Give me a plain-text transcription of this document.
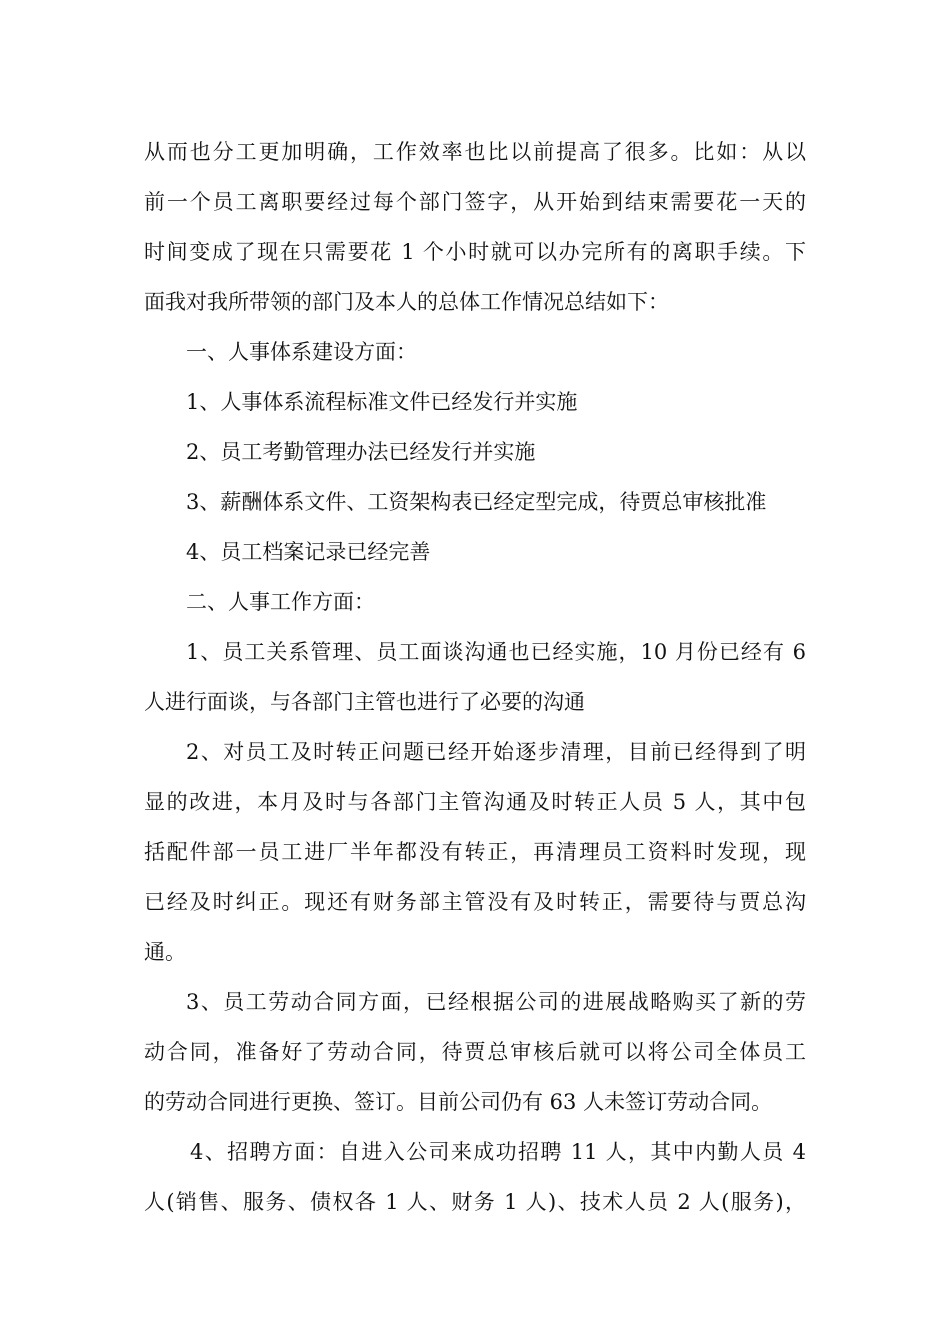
从而也分工更加明确，工作效率也比以前提高了很多。比如：从以
前一个员工离职要经过每个部门签字，从开始到结束需要花一天的
时间变成了现在只需要花 1 个小时就可以办完所有的离职手续。下
面我对我所带领的部门及本人的总体工作情况总结如下：
一、人事体系建设方面：
1、人事体系流程标准文件已经发行并实施
2、员工考勤管理办法已经发行并实施
3、薪酬体系文件、工资架构表已经定型完成，待贾总审核批准
4、员工档案记录已经完善
二、人事工作方面：
1、员工关系管理、员工面谈沟通也已经实施，10 月份已经有 6
人进行面谈，与各部门主管也进行了必要的沟通
2、对员工及时转正问题已经开始逐步清理，目前已经得到了明
显的改进，本月及时与各部门主管沟通及时转正人员 5 人，其中包
括配件部一员工进厂半年都没有转正，再清理员工资料时发现，现
已经及时纠正。现还有财务部主管没有及时转正，需要待与贾总沟
通。
3、员工劳动合同方面，已经根据公司的进展战略购买了新的劳
动合同，准备好了劳动合同，待贾总审核后就可以将公司全体员工
的劳动合同进行更换、签订。目前公司仍有 63 人未签订劳动合同。
4、招聘方面：自进入公司来成功招聘 11 人，其中内勤人员 4
人(销售、服务、债权各 1 人、财务 1 人)、技术人员 2 人(服务)，
